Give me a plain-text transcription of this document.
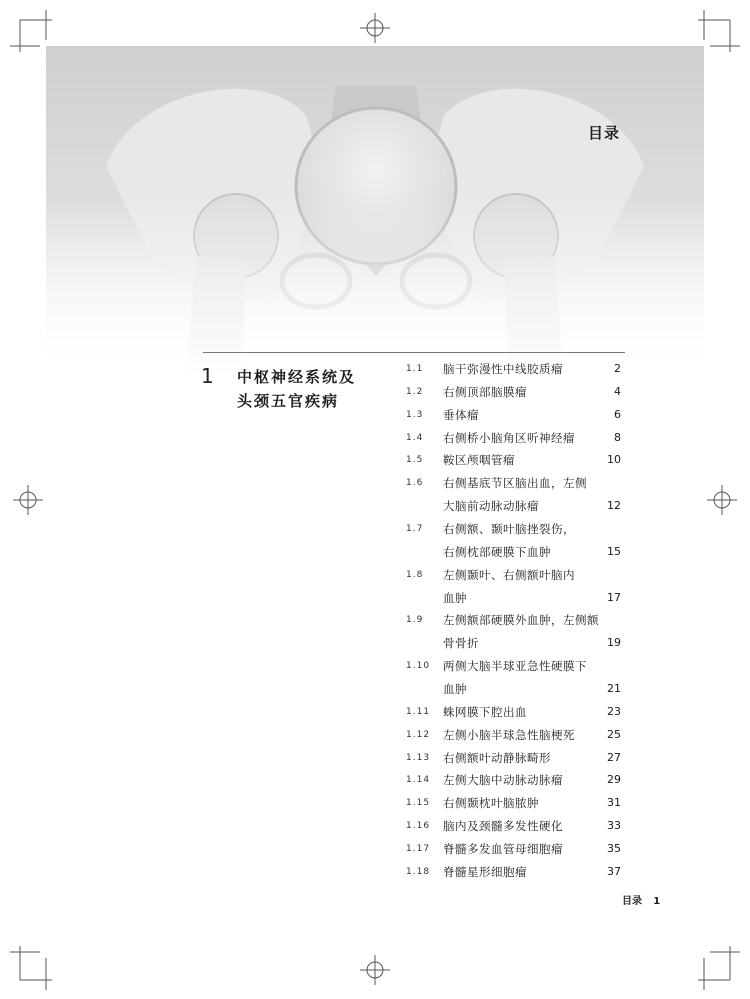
目录
1 中枢神经系统及
头颈五官疾病
1.1 脑干弥漫性中线胶质瘤	2
1.2 右侧顶部脑膜瘤	4
1.3 垂体瘤	6
1.4 右侧桥小脑角区听神经瘤	8
1.5 鞍区颅咽管瘤	10
1.6 右侧基底节区脑出血，左侧
大脑前动脉动脉瘤	12
1.7 右侧额、颞叶脑挫裂伤，
右侧枕部硬膜下血肿	15
1.8 左侧颞叶、右侧额叶脑内
血肿	17
1.9 左侧额部硬膜外血肿，左侧额
骨骨折	19
1.10 两侧大脑半球亚急性硬膜下
血肿	21
1.11 蛛网膜下腔出血	23
1.12 左侧小脑半球急性脑梗死	25
1.13 右侧额叶动静脉畸形	27
1.14 左侧大脑中动脉动脉瘤	29
1.15 右侧颞枕叶脑脓肿	31
1.16 脑内及颈髓多发性硬化	33
1.17 脊髓多发血管母细胞瘤	35
1.18 脊髓星形细胞瘤	37
目录 1
